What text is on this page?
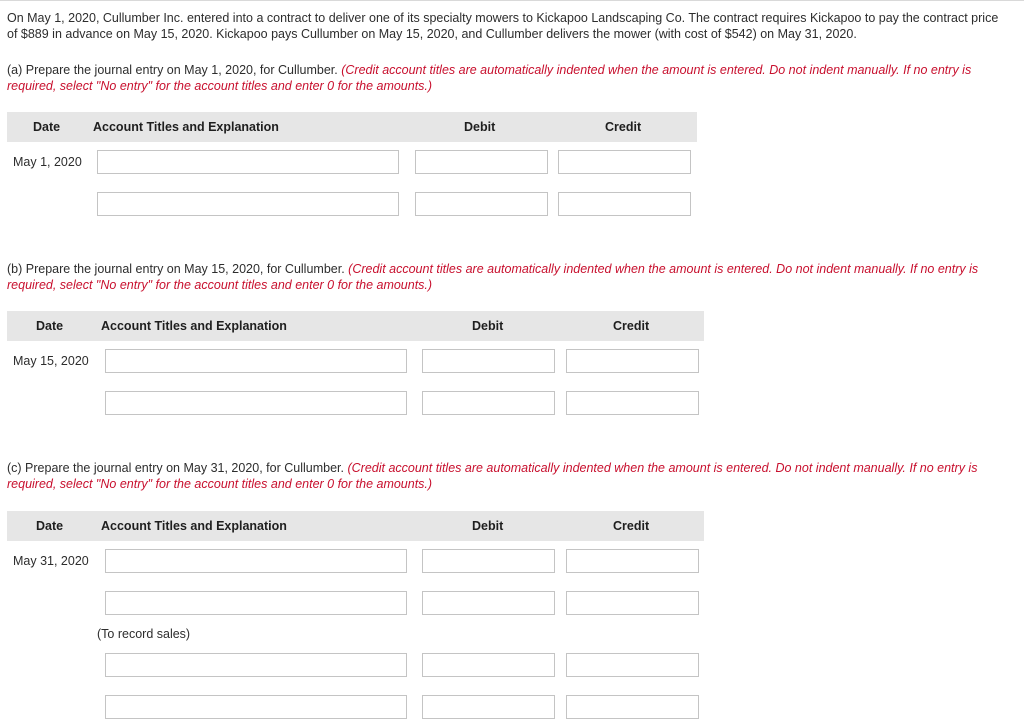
On May 1, 2020, Cullumber Inc. entered into a contract to deliver one of its specialty mowers to Kickapoo Landscaping Co. The contract requires Kickapoo to pay the contract price of $889 in advance on May 15, 2020. Kickapoo pays Cullumber on May 15, 2020, and Cullumber delivers the mower (with cost of $542) on May 31, 2020.
(a) Prepare the journal entry on May 1, 2020, for Cullumber. (Credit account titles are automatically indented when the amount is entered. Do not indent manually. If no entry is required, select "No entry" for the account titles and enter 0 for the amounts.)
Date	Account Titles and Explanation	Debit	Credit
May 1, 2020
(b) Prepare the journal entry on May 15, 2020, for Cullumber. (Credit account titles are automatically indented when the amount is entered. Do not indent manually. If no entry is required, select "No entry" for the account titles and enter 0 for the amounts.)
Date	Account Titles and Explanation	Debit	Credit
May 15, 2020
(c) Prepare the journal entry on May 31, 2020, for Cullumber. (Credit account titles are automatically indented when the amount is entered. Do not indent manually. If no entry is required, select "No entry" for the account titles and enter 0 for the amounts.)
Date	Account Titles and Explanation	Debit	Credit
May 31, 2020
(To record sales)
